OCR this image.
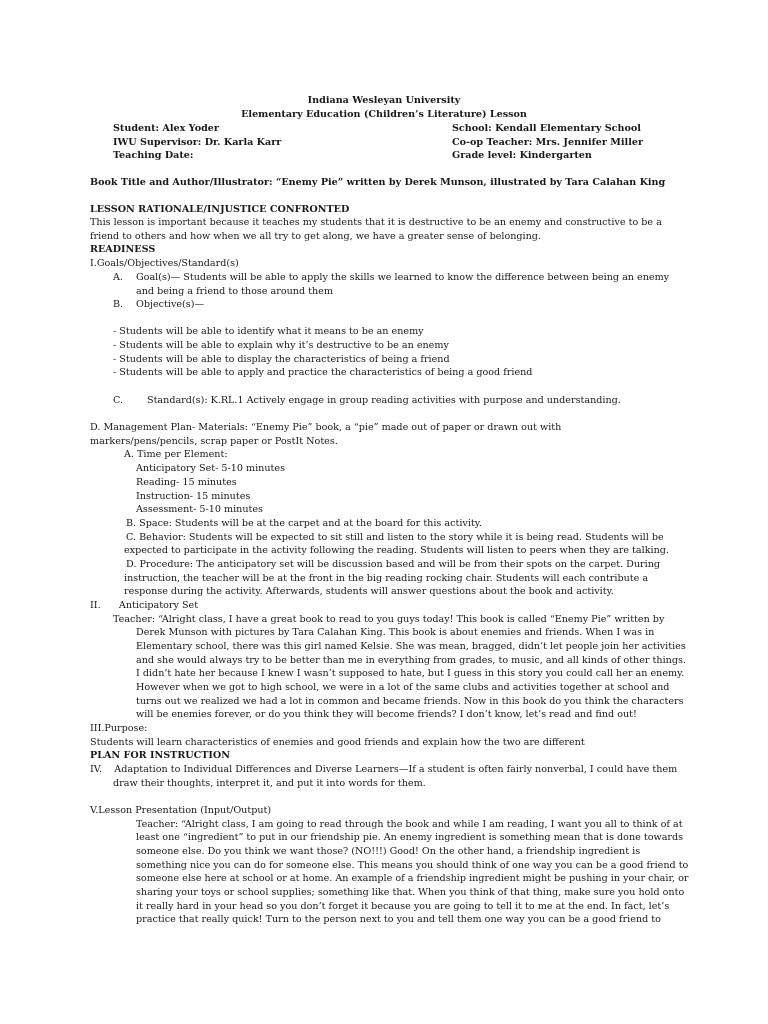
Indiana Wesleyan University
Elementary Education (Children’s Literature) Lesson
Student: Alex Yoder
IWU Supervisor: Dr. Karla Karr
Teaching Date:
School: Kendall Elementary School
Co-op Teacher: Mrs. Jennifer Miller
Grade level: Kindergarten
Book Title and Author/Illustrator: “Enemy Pie” written by Derek Munson, illustrated by Tara Calahan King
LESSON RATIONALE/INJUSTICE CONFRONTED
This lesson is important because it teaches my students that it is destructive to be an enemy and constructive to be a
friend to others and how when we all try to get along, we have a greater sense of belonging.
READINESS
I.Goals/Objectives/Standard(s)
A. Goal(s)— Students will be able to apply the skills we learned to know the difference between being an enemy
and being a friend to those around them
B. Objective(s)—
- Students will be able to identify what it means to be an enemy
- Students will be able to explain why it’s destructive to be an enemy
- Students will be able to display the characteristics of being a friend
- Students will be able to apply and practice the characteristics of being a good friend
C. Standard(s): K.RL.1 Actively engage in group reading activities with purpose and understanding.
D. Management Plan- Materials: “Enemy Pie” book, a “pie” made out of paper or drawn out with
markers/pens/pencils, scrap paper or PostIt Notes.
A. Time per Element:
Anticipatory Set- 5-10 minutes
Reading- 15 minutes
Instruction- 15 minutes
Assessment- 5-10 minutes
B. Space: Students will be at the carpet and at the board for this activity.
C. Behavior: Students will be expected to sit still and listen to the story while it is being read. Students will be
expected to participate in the activity following the reading. Students will listen to peers when they are talking.
D. Procedure: The anticipatory set will be discussion based and will be from their spots on the carpet. During
instruction, the teacher will be at the front in the big reading rocking chair. Students will each contribute a
response during the activity. Afterwards, students will answer questions about the book and activity.
II.      Anticipatory Set
Teacher: “Alright class, I have a great book to read to you guys today! This book is called “Enemy Pie” written by
Derek Munson with pictures by Tara Calahan King. This book is about enemies and friends. When I was in
Elementary school, there was this girl named Kelsie. She was mean, bragged, didn’t let people join her activities
and she would always try to be better than me in everything from grades, to music, and all kinds of other things.
I didn’t hate her because I knew I wasn’t supposed to hate, but I guess in this story you could call her an enemy.
However when we got to high school, we were in a lot of the same clubs and activities together at school and
turns out we realized we had a lot in common and became friends. Now in this book do you think the characters
will be enemies forever, or do you think they will become friends? I don’t know, let’s read and find out!
III.Purpose:
Students will learn characteristics of enemies and good friends and explain how the two are different
PLAN FOR INSTRUCTION
IV.    Adaptation to Individual Differences and Diverse Learners—If a student is often fairly nonverbal, I could have them
draw their thoughts, interpret it, and put it into words for them.
V.Lesson Presentation (Input/Output)
Teacher: “Alright class, I am going to read through the book and while I am reading, I want you all to think of at
least one “ingredient” to put in our friendship pie. An enemy ingredient is something mean that is done towards
someone else. Do you think we want those? (NO!!!) Good! On the other hand, a friendship ingredient is
something nice you can do for someone else. This means you should think of one way you can be a good friend to
someone else here at school or at home. An example of a friendship ingredient might be pushing in your chair, or
sharing your toys or school supplies; something like that. When you think of that thing, make sure you hold onto
it really hard in your head so you don’t forget it because you are going to tell it to me at the end. In fact, let’s
practice that really quick! Turn to the person next to you and tell them one way you can be a good friend to
